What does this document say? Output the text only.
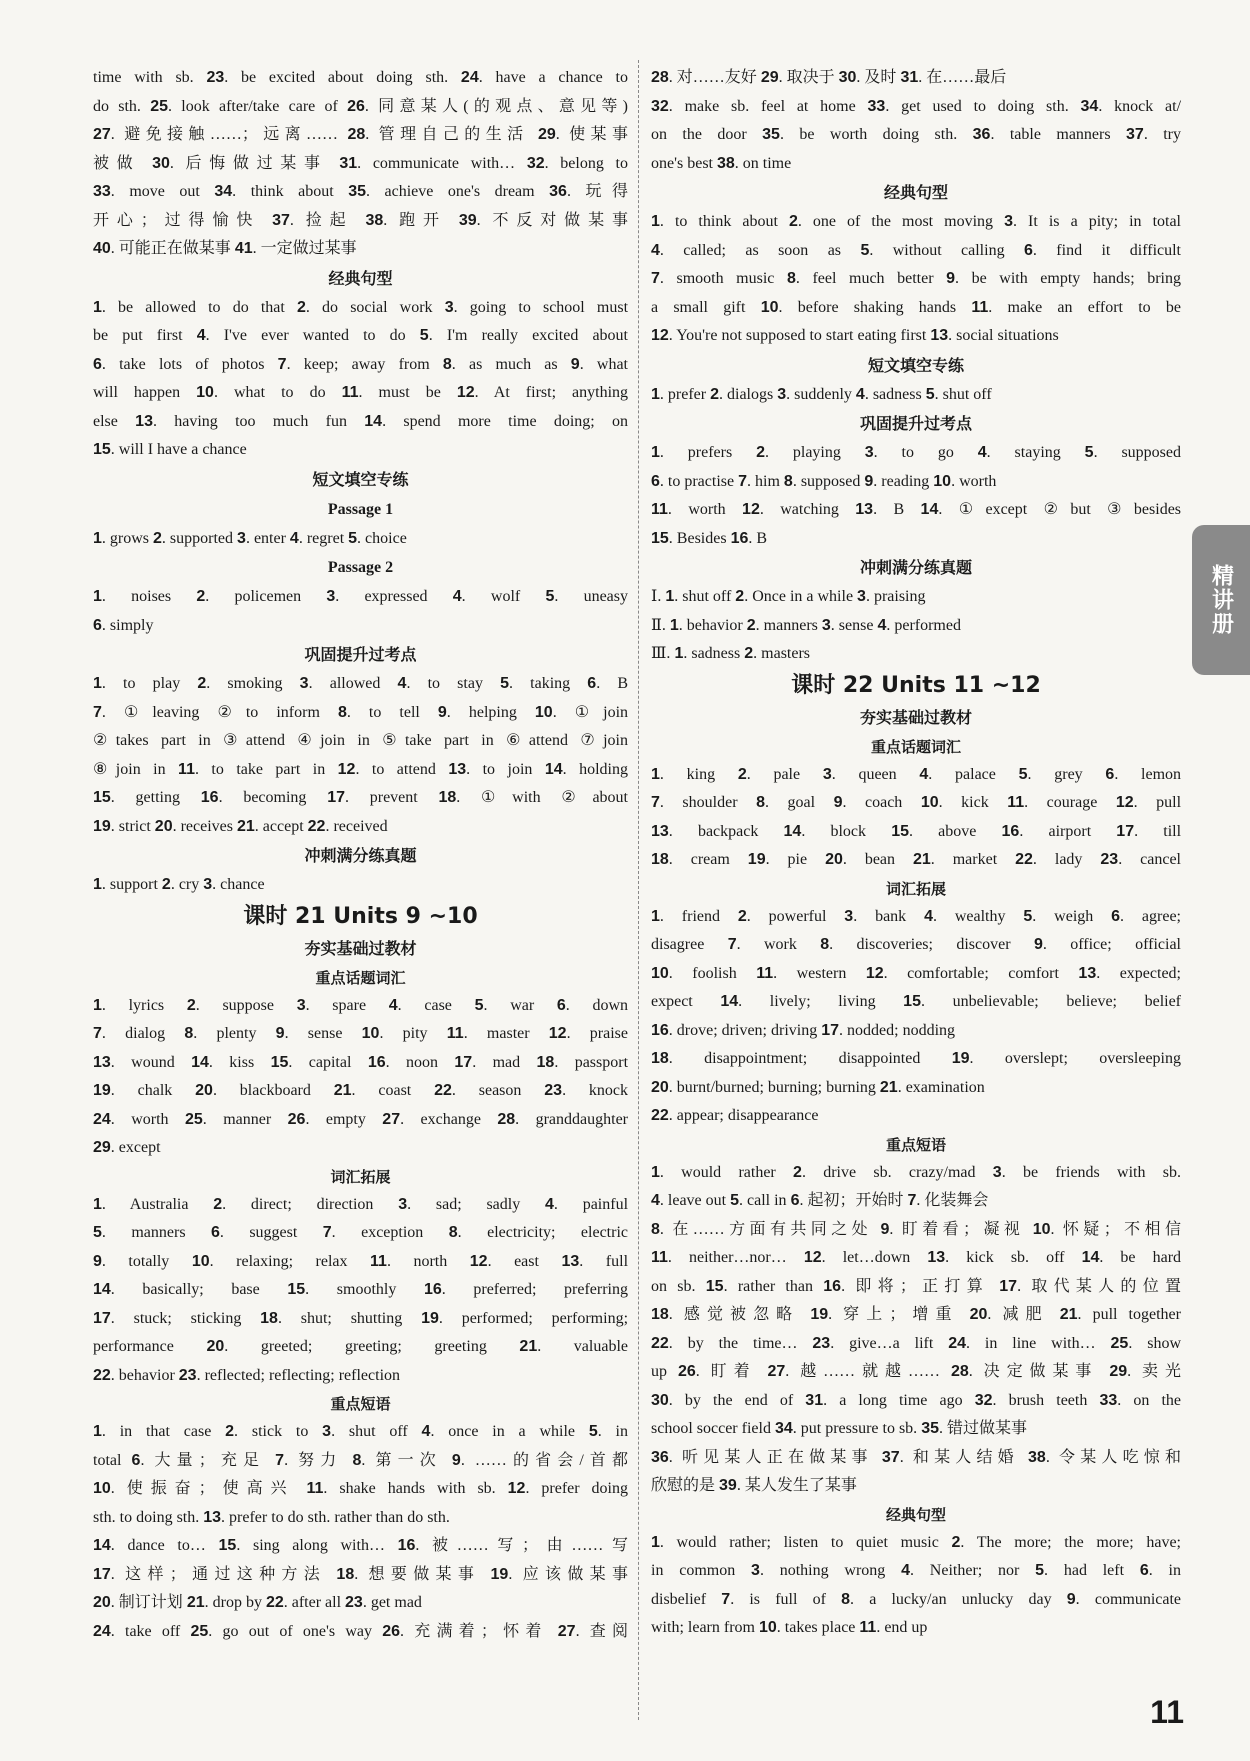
time with sb. 23. be excited about doing sth. 24. have a chance to
do sth. 25. look after/take care of 26. 同意某人(的观点、意见等)
27. 避免接触……；远离…… 28. 管理自己的生活 29. 使某事
被做 30. 后悔做过某事 31. communicate with… 32. belong to
33. move out 34. think about 35. achieve one's dream 36. 玩得
开心；过得愉快 37. 捡起 38. 跑开 39. 不反对做某事
40. 可能正在做某事 41. 一定做过某事
经典句型
1. be allowed to do that 2. do social work 3. going to school must
be put first 4. I've ever wanted to do 5. I'm really excited about
6. take lots of photos 7. keep; away from 8. as much as 9. what
will happen 10. what to do 11. must be 12. At first; anything
else 13. having too much fun 14. spend more time doing; on
15. will I have a chance
短文填空专练
Passage 1
1. grows 2. supported 3. enter 4. regret 5. choice
Passage 2
1. noises 2. policemen 3. expressed 4. wolf 5. uneasy
6. simply
巩固提升过考点
1. to play 2. smoking 3. allowed 4. to stay 5. taking 6. B
7. ①leaving ②to inform 8. to tell 9. helping 10. ①join
②takes part in ③attend ④join in ⑤take part in ⑥attend ⑦join
⑧join in 11. to take part in 12. to attend 13. to join 14. holding
15. getting 16. becoming 17. prevent 18. ①with ②about
19. strict 20. receives 21. accept 22. received
冲刺满分练真题
1. support 2. cry 3. chance
课时 21 Units 9 ~10
夯实基础过教材
重点话题词汇
1. lyrics 2. suppose 3. spare 4. case 5. war 6. down
7. dialog 8. plenty 9. sense 10. pity 11. master 12. praise
13. wound 14. kiss 15. capital 16. noon 17. mad 18. passport
19. chalk 20. blackboard 21. coast 22. season 23. knock
24. worth 25. manner 26. empty 27. exchange 28. granddaughter
29. except
词汇拓展
1. Australia 2. direct; direction 3. sad; sadly 4. painful
5. manners 6. suggest 7. exception 8. electricity; electric
9. totally 10. relaxing; relax 11. north 12. east 13. full
14. basically; base 15. smoothly 16. preferred; preferring
17. stuck; sticking 18. shut; shutting 19. performed; performing;
performance 20. greeted; greeting; greeting 21. valuable
22. behavior 23. reflected; reflecting; reflection
重点短语
1. in that case 2. stick to 3. shut off 4. once in a while 5. in
total 6. 大量；充足 7. 努力 8. 第一次 9. ……的省会/首都
10. 使振奋；使高兴 11. shake hands with sb. 12. prefer doing
sth. to doing sth. 13. prefer to do sth. rather than do sth.
14. dance to… 15. sing along with… 16. 被……写；由……写
17. 这样；通过这种方法 18. 想要做某事 19. 应该做某事
20. 制订计划 21. drop by 22. after all 23. get mad
24. take off 25. go out of one's way 26. 充满着；怀着 27. 查阅
28. 对……友好 29. 取决于 30. 及时 31. 在……最后
32. make sb. feel at home 33. get used to doing sth. 34. knock at/
on the door 35. be worth doing sth. 36. table manners 37. try
one's best 38. on time
经典句型
1. to think about 2. one of the most moving 3. It is a pity; in total
4. called; as soon as 5. without calling 6. find it difficult
7. smooth music 8. feel much better 9. be with empty hands; bring
a small gift 10. before shaking hands 11. make an effort to be
12. You're not supposed to start eating first 13. social situations
短文填空专练
1. prefer 2. dialogs 3. suddenly 4. sadness 5. shut off
巩固提升过考点
1. prefers 2. playing 3. to go 4. staying 5. supposed
6. to practise 7. him 8. supposed 9. reading 10. worth
11. worth 12. watching 13. B 14. ①except ②but ③besides
15. Besides 16. B
冲刺满分练真题
Ⅰ. 1. shut off 2. Once in a while 3. praising
Ⅱ. 1. behavior 2. manners 3. sense 4. performed
Ⅲ. 1. sadness 2. masters
课时 22 Units 11 ~12
夯实基础过教材
重点话题词汇
1. king 2. pale 3. queen 4. palace 5. grey 6. lemon
7. shoulder 8. goal 9. coach 10. kick 11. courage 12. pull
13. backpack 14. block 15. above 16. airport 17. till
18. cream 19. pie 20. bean 21. market 22. lady 23. cancel
词汇拓展
1. friend 2. powerful 3. bank 4. wealthy 5. weigh 6. agree;
disagree 7. work 8. discoveries; discover 9. office; official
10. foolish 11. western 12. comfortable; comfort 13. expected;
expect 14. lively; living 15. unbelievable; believe; belief
16. drove; driven; driving 17. nodded; nodding
18. disappointment; disappointed 19. overslept; oversleeping
20. burnt/burned; burning; burning 21. examination
22. appear; disappearance
重点短语
1. would rather 2. drive sb. crazy/mad 3. be friends with sb.
4. leave out 5. call in 6. 起初；开始时 7. 化装舞会
8. 在……方面有共同之处 9. 盯着看；凝视 10. 怀疑；不相信
11. neither…nor… 12. let…down 13. kick sb. off 14. be hard
on sb. 15. rather than 16. 即将；正打算 17. 取代某人的位置
18. 感觉被忽略 19. 穿上；增重 20. 减肥 21. pull together
22. by the time… 23. give…a lift 24. in line with… 25. show
up 26. 盯着 27. 越……就越…… 28. 决定做某事 29. 卖光
30. by the end of 31. a long time ago 32. brush teeth 33. on the
school soccer field 34. put pressure to sb. 35. 错过做某事
36. 听见某人正在做某事 37. 和某人结婚 38. 令某人吃惊和
欣慰的是 39. 某人发生了某事
经典句型
1. would rather; listen to quiet music 2. The more; the more; have;
in common 3. nothing wrong 4. Neither; nor 5. had left 6. in
disbelief 7. is full of 8. a lucky/an unlucky day 9. communicate
with; learn from 10. takes place 11. end up
精讲册
11
